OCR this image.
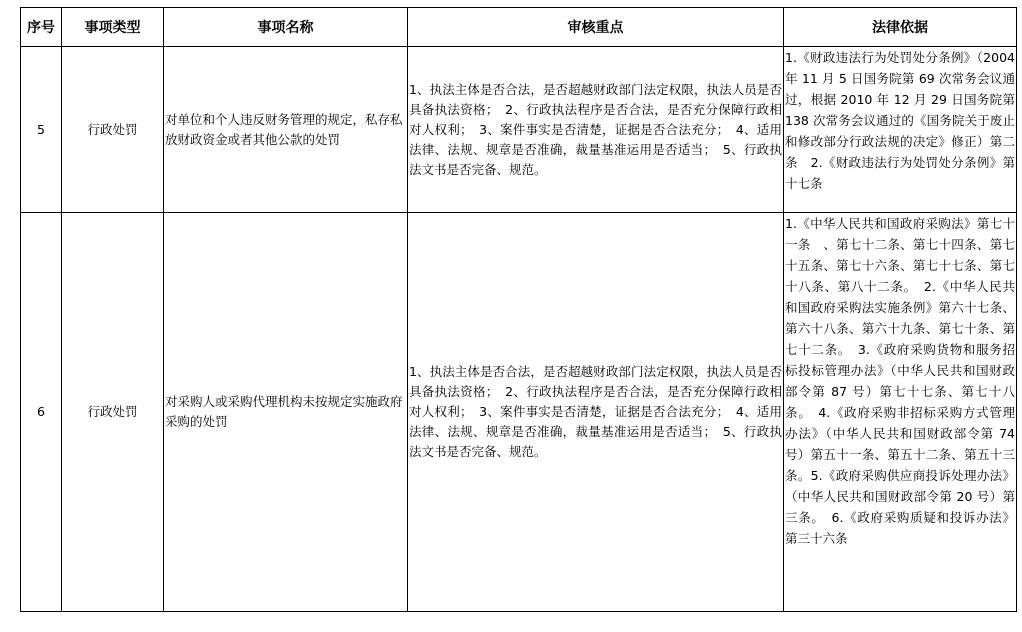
序号	事项类型	事项名称	审核重点	法律依据
5	行政处罚	对单位和个人违反财务管理的规定，私存私放财政资金或者其他公款的处罚	1、执法主体是否合法，是否超越财政部门法定权限，执法人员是否具备执法资格；　2、行政执法程序是否合法，是否充分保障行政相对人权利；　3、案件事实是否清楚，证据是否合法充分；　4、适用法律、法规、规章是否准确，裁量基准运用是否适当；　5、行政执法文书是否完备、规范。	1.《财政违法行为处罚处分条例》（2004 年 11 月 5 日国务院第 69 次常务会议通过，根据 2010 年 12 月 29 日国务院第 138 次常务会议通过的《国务院关于废止和修改部分行政法规的决定》修正）第二条　2.《财政违法行为处罚处分条例》第十七条

6	行政处罚	对采购人或采购代理机构未按规定实施政府采购的处罚	1、执法主体是否合法，是否超越财政部门法定权限，执法人员是否具备执法资格；　2、行政执法程序是否合法，是否充分保障行政相对人权利；　3、案件事实是否清楚，证据是否合法充分；　4、适用法律、法规、规章是否准确，裁量基准运用是否适当；　5、行政执法文书是否完备、规范。	1.《中华人民共和国政府采购法》第七十一条　、第七十二条、第七十四条、第七十五条、第七十六条、第七十七条、第七十八条、第八十二条。　2.《中华人民共和国政府采购法实施条例》第六十七条、第六十八条、第六十九条、第七十条、第七十二条。　3.《政府采购货物和服务招标投标管理办法》（中华人民共和国财政部令第 87 号）第七十七条、第七十八条。　4.《政府采购非招标采购方式管理办法》（中华人民共和国财政部令第 74 号）第五十一条、第五十二条、第五十三条。5.《政府采购供应商投诉处理办法》（中华人民共和国财政部令第 20 号）第三条。　6.《政府采购质疑和投诉办法》第三十六条
